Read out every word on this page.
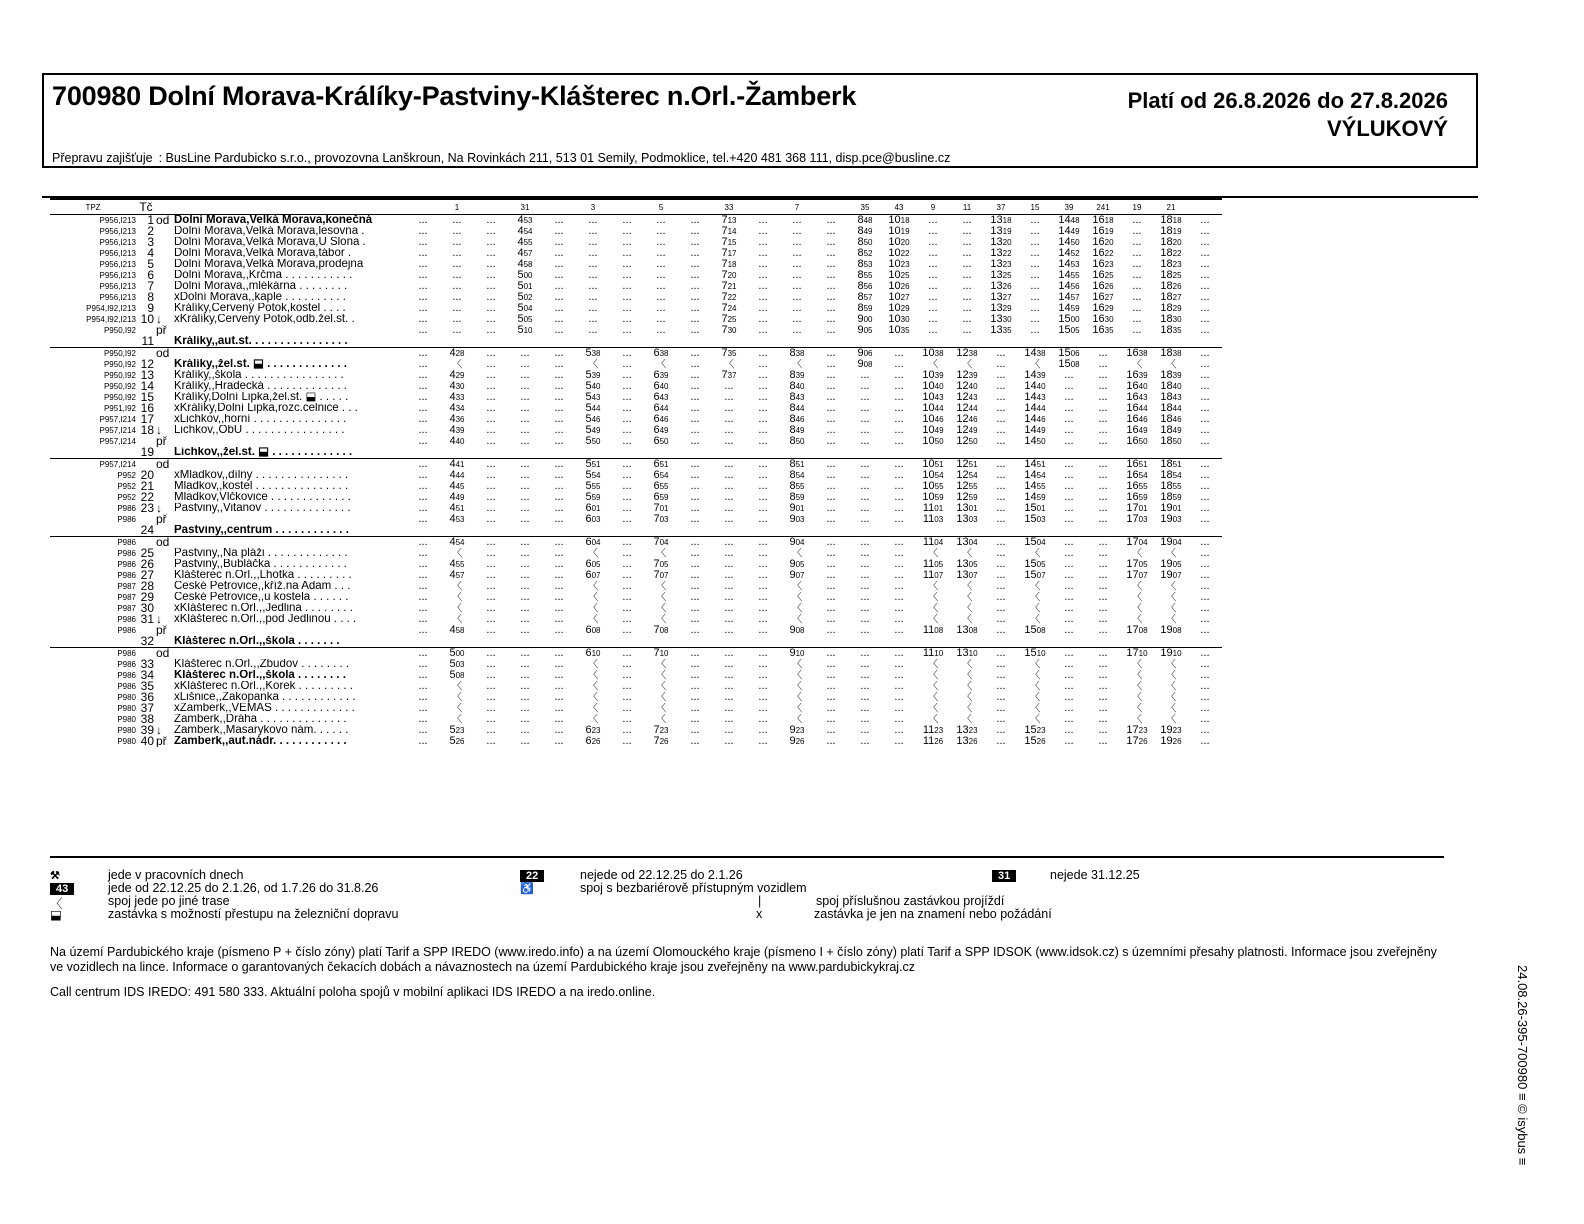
700980 Dolní Morava-Králíky-Pastviny-Klášterec n.Orl.-Žamberk	Platí od 26.8.2026 do 27.8.2026
VÝLUKOVÝ
Přepravu zajišťuje : BusLine Pardubicko s.r.o., provozovna Lanškroun, Na Rovinkách 211, 513 01 Semily, Podmoklice, tel.+420 481 368 111, disp.pce@busline.cz
TPZ	Tč				1		31		3		5		33		7		35	43	9	11	37	15	39	241	19	21	
P956,I213	1	od	Dolní Morava,Velká Morava,konečná	...	...	...	453	...	...	...	...	...	713	...	...	...	848	1018	...	...	1318	...	1448	1618	...	1818	...
P956,I213	2		Dolní Morava,Velká Morava,lesovna .	...	...	...	454	...	...	...	...	...	714	...	...	...	849	1019	...	...	1319	...	1449	1619	...	1819	...
P956,I213	3		Dolní Morava,Velká Morava,U Slona .	...	...	...	455	...	...	...	...	...	715	...	...	...	850	1020	...	...	1320	...	1450	1620	...	1820	...
P956,I213	4		Dolní Morava,Velká Morava,tábor .	...	...	...	457	...	...	...	...	...	717	...	...	...	852	1022	...	...	1322	...	1452	1622	...	1822	...
P956,I213	5		Dolní Morava,Velká Morava,prodejna	...	...	...	458	...	...	...	...	...	718	...	...	...	853	1023	...	...	1323	...	1453	1623	...	1823	...
P956,I213	6		Dolní Morava,,Krčma . . . . . . . . . . .	...	...	...	500	...	...	...	...	...	720	...	...	...	855	1025	...	...	1325	...	1455	1625	...	1825	...
P956,I213	7		Dolní Morava,,mlékárna . . . . . . . .	...	...	...	501	...	...	...	...	...	721	...	...	...	856	1026	...	...	1326	...	1456	1626	...	1826	...
P956,I213	8		xDolní Morava,,kaple . . . . . . . . . .	...	...	...	502	...	...	...	...	...	722	...	...	...	857	1027	...	...	1327	...	1457	1627	...	1827	...
P954,I92,I213	9		Králíky,Červený Potok,kostel . . . .	...	...	...	504	...	...	...	...	...	724	...	...	...	859	1029	...	...	1329	...	1459	1629	...	1829	...
P954,I92,I213	10	↓	xKrálíky,Červený Potok,odb.žel.st. .	...	...	...	505	...	...	...	...	...	725	...	...	...	900	1030	...	...	1330	...	1500	1630	...	1830	...
P950,I92		př		...	...	...	510	...	...	...	...	...	730	...	...	...	905	1035	...	...	1335	...	1505	1635	...	1835	...
	11		Králíky,,aut.st. . . . . . . . . . . . . . . .																								
P950,I92		od		...	428	...	...	...	538	...	638	...	735	...	838	...	906	...	1038	1238	...	1438	1506	...	1638	1838	...
P950,I92	12		Králíky,,žel.st. ⬓ . . . . . . . . . . . . .	...	〈	...	...	...	〈	...	〈	...	〈	...	〈	...	908	...	〈	〈	...	〈	1508	...	〈	〈	...
P950,I92	13		Králíky,,škola . . . . . . . . . . . . . . . .	...	429	...	...	...	539	...	639	...	737	...	839	...	...	...	1039	1239	...	1439	...	...	1639	1839	...
P950,I92	14		Králíky,,Hradecká . . . . . . . . . . . . .	...	430	...	...	...	540	...	640	...	...	...	840	...	...	...	1040	1240	...	1440	...	...	1640	1840	...
P950,I92	15		Králíky,Dolní Lipka,žel.st. ⬓ . . . . .	...	433	...	...	...	543	...	643	...	...	...	843	...	...	...	1043	1243	...	1443	...	...	1643	1843	...
P951,I92	16		xKrálíky,Dolní Lipka,rozc.celnice . . .	...	434	...	...	...	544	...	644	...	...	...	844	...	...	...	1044	1244	...	1444	...	...	1644	1844	...
P957,I214	17		xLichkov,,horní . . . . . . . . . . . . . . .	...	436	...	...	...	546	...	646	...	...	...	846	...	...	...	1046	1246	...	1446	...	...	1646	1846	...
P957,I214	18	↓	Lichkov,,ObÚ . . . . . . . . . . . . . . . .	...	439	...	...	...	549	...	649	...	...	...	849	...	...	...	1049	1249	...	1449	...	...	1649	1849	...
P957,I214		př		...	440	...	...	...	550	...	650	...	...	...	850	...	...	...	1050	1250	...	1450	...	...	1650	1850	...
	19		Lichkov,,žel.st. ⬓ . . . . . . . . . . . . .																								
P957,I214		od		...	441	...	...	...	551	...	651	...	...	...	851	...	...	...	1051	1251	...	1451	...	...	1651	1851	...
P952	20		xMladkov,,dílny . . . . . . . . . . . . . . .	...	444	...	...	...	554	...	654	...	...	...	854	...	...	...	1054	1254	...	1454	...	...	1654	1854	...
P952	21		Mladkov,,kostel . . . . . . . . . . . . . . .	...	445	...	...	...	555	...	655	...	...	...	855	...	...	...	1055	1255	...	1455	...	...	1655	1855	...
P952	22		Mladkov,Vlčkovice . . . . . . . . . . . . .	...	449	...	...	...	559	...	659	...	...	...	859	...	...	...	1059	1259	...	1459	...	...	1659	1859	...
P986	23	↓	Pastviny,,Vitanov . . . . . . . . . . . . . .	...	451	...	...	...	601	...	701	...	...	...	901	...	...	...	1101	1301	...	1501	...	...	1701	1901	...
P986		př		...	453	...	...	...	603	...	703	...	...	...	903	...	...	...	1103	1303	...	1503	...	...	1703	1903	...
	24		Pastviny,,centrum . . . . . . . . . . . .																								
P986		od		...	454	...	...	...	604	...	704	...	...	...	904	...	...	...	1104	1304	...	1504	...	...	1704	1904	...
P986	25		Pastviny,,Na pláži . . . . . . . . . . . . .	...	〈	...	...	...	〈	...	〈	...	...	...	〈	...	...	...	〈	〈	...	〈	...	...	〈	〈	...
P986	26		Pastviny,,Bubláčka . . . . . . . . . . . .	...	455	...	...	...	605	...	705	...	...	...	905	...	...	...	1105	1305	...	1505	...	...	1705	1905	...
P986	27		Klášterec n.Orl.,,Lhotka . . . . . . . . .	...	457	...	...	...	607	...	707	...	...	...	907	...	...	...	1107	1307	...	1507	...	...	1707	1907	...
P987	28		České Petrovice,,kříž.na Adam . . .	...	〈	...	...	...	〈	...	〈	...	...	...	〈	...	...	...	〈	〈	...	〈	...	...	〈	〈	...
P987	29		České Petrovice,,u kostela . . . . . .	...	〈	...	...	...	〈	...	〈	...	...	...	〈	...	...	...	〈	〈	...	〈	...	...	〈	〈	...
P987	30		xKlášterec n.Orl.,,Jedlina . . . . . . . .	...	〈	...	...	...	〈	...	〈	...	...	...	〈	...	...	...	〈	〈	...	〈	...	...	〈	〈	...
P986	31	↓	xKlášterec n.Orl.,,pod Jedlinou . . . .	...	〈	...	...	...	〈	...	〈	...	...	...	〈	...	...	...	〈	〈	...	〈	...	...	〈	〈	...
P986		př		...	458	...	...	...	608	...	708	...	...	...	908	...	...	...	1108	1308	...	1508	...	...	1708	1908	...
	32		Klášterec n.Orl.,,škola . . . . . . .																								
P986		od		...	500	...	...	...	610	...	710	...	...	...	910	...	...	...	1110	1310	...	1510	...	...	1710	1910	...
P986	33		Klášterec n.Orl.,,Zbudov . . . . . . . .	...	503	...	...	...	〈	...	〈	...	...	...	〈	...	...	...	〈	〈	...	〈	...	...	〈	〈	...
P986	34		Klášterec n.Orl.,,škola . . . . . . . .	...	508	...	...	...	〈	...	〈	...	...	...	〈	...	...	...	〈	〈	...	〈	...	...	〈	〈	...
P986	35		xKlášterec n.Orl.,,Korek . . . . . . . . .	...	〈	...	...	...	〈	...	〈	...	...	...	〈	...	...	...	〈	〈	...	〈	...	...	〈	〈	...
P980	36		xLišnice,,Zakopanka . . . . . . . . . . . .	...	〈	...	...	...	〈	...	〈	...	...	...	〈	...	...	...	〈	〈	...	〈	...	...	〈	〈	...
P980	37		xŽamberk,,VEMAS . . . . . . . . . . . . .	...	〈	...	...	...	〈	...	〈	...	...	...	〈	...	...	...	〈	〈	...	〈	...	...	〈	〈	...
P980	38		Žamberk,,Dráha . . . . . . . . . . . . . .	...	〈	...	...	...	〈	...	〈	...	...	...	〈	...	...	...	〈	〈	...	〈	...	...	〈	〈	...
P980	39	↓	Žamberk,,Masarykovo nám. . . . . .	...	523	...	...	...	623	...	723	...	...	...	923	...	...	...	1123	1323	...	1523	...	...	1723	1923	...
P980	40	př	Žamberk,,aut.nádr. . . . . . . . . . . .	...	526	...	...	...	626	...	726	...	...	...	926	...	...	...	1126	1326	...	1526	...	...	1726	1926	...
⚒	jede v pracovních dnech
43	jede od 22.12.25 do 2.1.26, od 1.7.26 do 31.8.26
〈	spoj jede po jiné trase
⬓	zastávka s možností přestupu na železniční dopravu
22	nejede od 22.12.25 do 2.1.26
♿	spoj s bezbariérově přístupným vozidlem
|	spoj příslušnou zastávkou projíždí
x	zastávka je jen na znamení nebo požádání
31	nejede 31.12.25
Na území Pardubického kraje (písmeno P + číslo zóny) platí Tarif a SPP IREDO (www.iredo.info) a na území Olomouckého kraje (písmeno I + číslo zóny) platí Tarif a SPP IDSOK (www.idsok.cz) s územními přesahy platnosti. Informace jsou zveřejněny ve vozidlech na lince. Informace o garantovaných čekacích dobách a návaznostech na území Pardubického kraje jsou zveřejněny na www.pardubickykraj.cz
Call centrum IDS IREDO: 491 580 333. Aktuální poloha spojů v mobilní aplikaci IDS IREDO a na iredo.online.	24.08.26-395-700980 ≡ © isybus ≡
